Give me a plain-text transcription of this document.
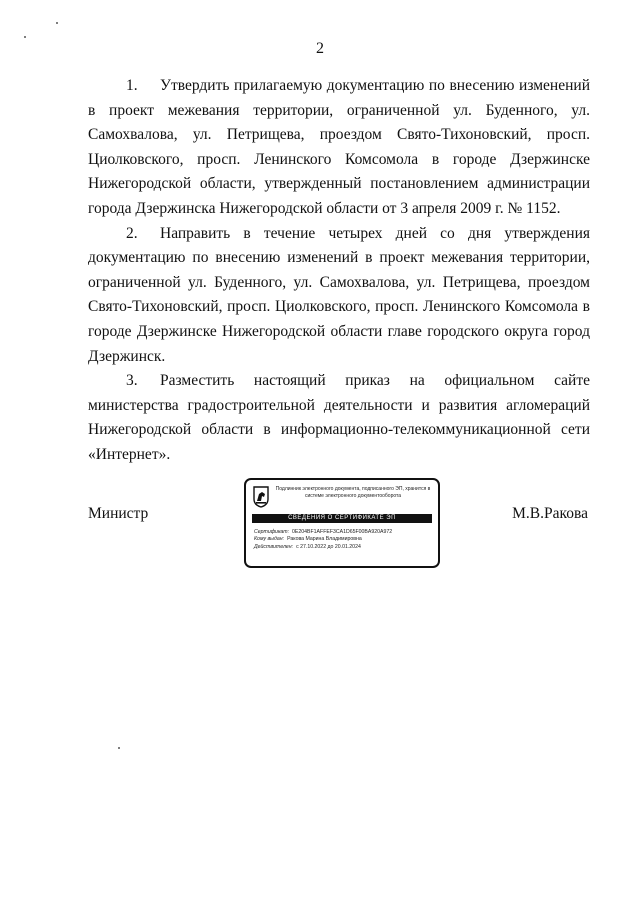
2

1. Утвердить прилагаемую документацию по внесению изменений в проект межевания территории, ограниченной ул. Буденного, ул. Самохвалова, ул. Петрищева, проездом Свято-Тихоновский, просп. Циолковского, просп. Ленинского Комсомола в городе Дзержинске Нижегородской области, утвержденный постановлением администрации города Дзержинска Нижегородской области от 3 апреля 2009 г. № 1152.

2. Направить в течение четырех дней со дня утверждения документацию по внесению изменений в проект межевания территории, ограниченной ул. Буденного, ул. Самохвалова, ул. Петрищева, проездом Свято-Тихоновский, просп. Циолковского, просп. Ленинского Комсомола в городе Дзержинске Нижегородской области главе городского округа город Дзержинск.

3. Разместить настоящий приказ на официальном сайте министерства градостроительной деятельности и развития агломераций Нижегородской области в информационно-телекоммуникационной сети «Интернет».

Министр	М.В.Ракова
Подлинник электронного документа, подписанного ЭП, хранится в системе электронного документооборота
СВЕДЕНИЯ О СЕРТИФИКАТЕ ЭП
Сертификат: 0E204BF1AFFEF3CA1D65F00BA920A972
Кому выдан: Ракова Марина Владимировна
Действителен: с 27.10.2022 до 20.01.2024
